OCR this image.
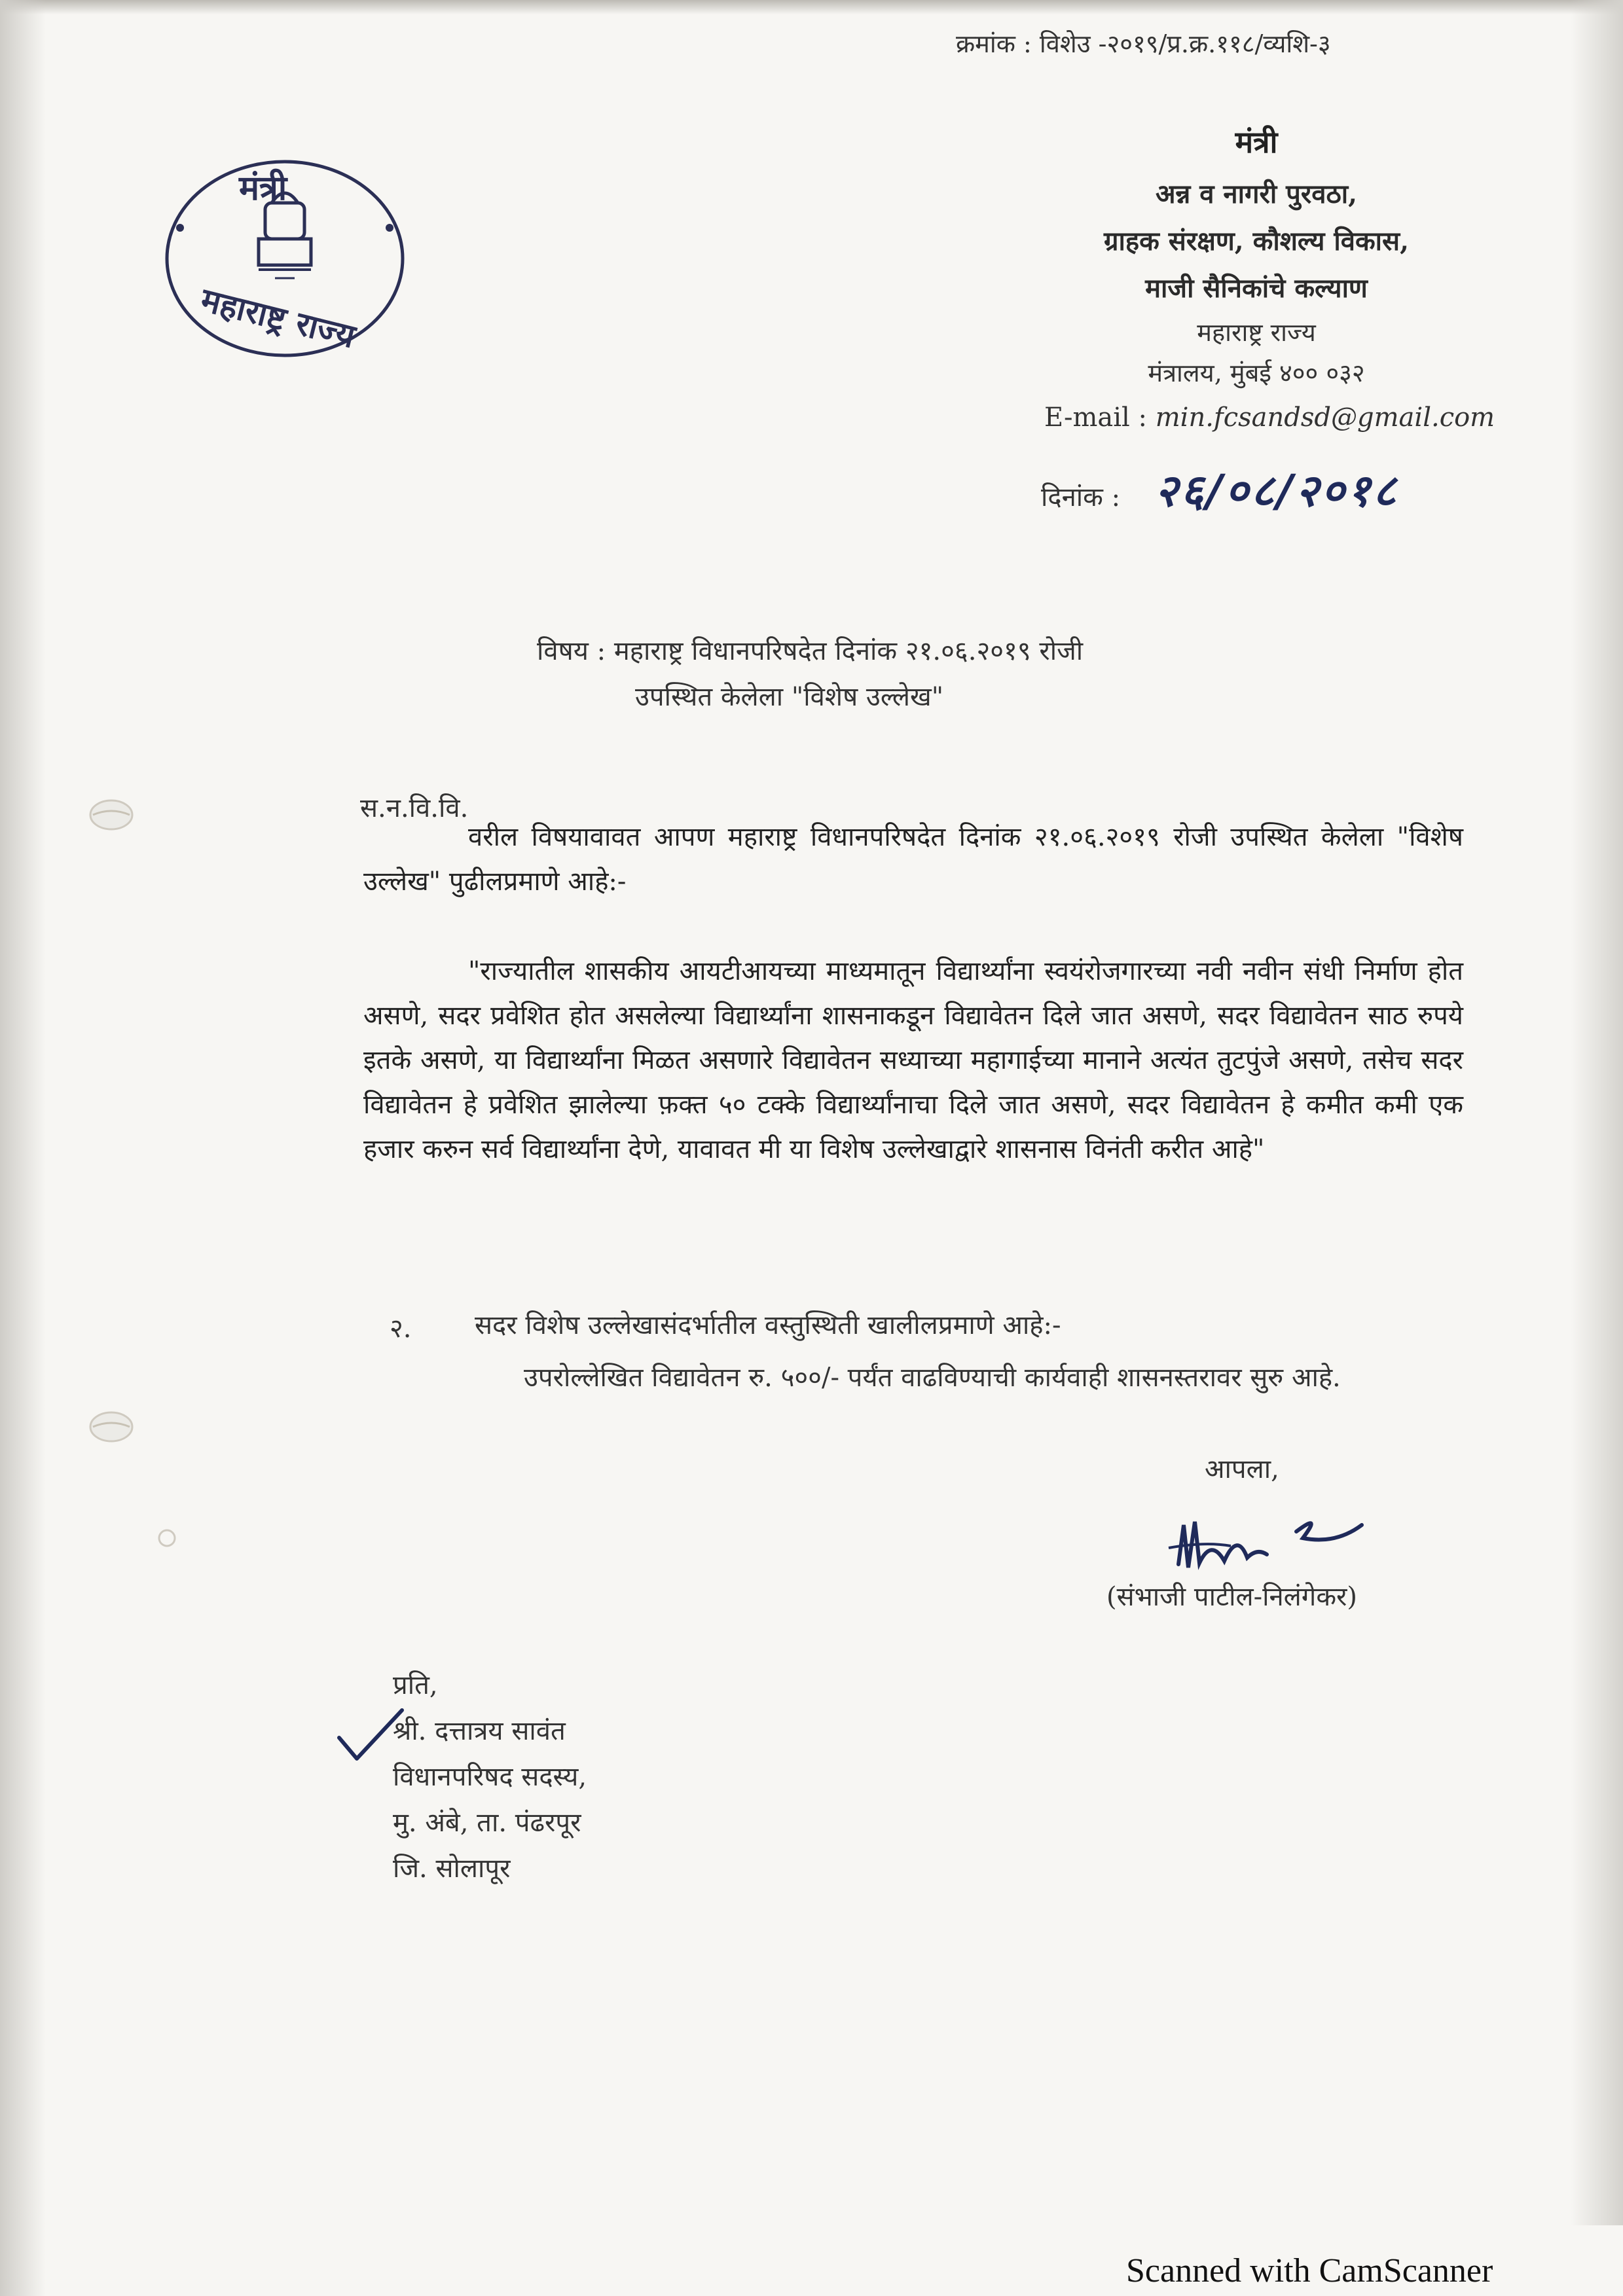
क्रमांक : विशेउ -२०१९/प्र.क्र.११८/व्यशि-३
मंत्री
महाराष्ट्र राज्य
मंत्री
अन्न व नागरी पुरवठा,
ग्राहक संरक्षण, कौशल्य विकास,
माजी सैनिकांचे कल्याण
महाराष्ट्र राज्य
मंत्रालय, मुंबई ४०० ०३२
E-mail : min.fcsandsd@gmail.com
दिनांक : २६/०८/२०१८
विषय : महाराष्ट्र विधानपरिषदेत दिनांक २१.०६.२०१९ रोजी
उपस्थित केलेला "विशेष उल्लेख"
स.न.वि.वि.
वरील विषयावावत आपण महाराष्ट्र विधानपरिषदेत दिनांक २१.०६.२०१९ रोजी उपस्थित केलेला "विशेष उल्लेख" पुढीलप्रमाणे आहे:-
"राज्यातील शासकीय आयटीआयच्या माध्यमातून विद्यार्थ्यांना स्वयंरोजगारच्या नवी नवीन संधी निर्माण होत असणे, सदर प्रवेशित होत असलेल्या विद्यार्थ्यांना शासनाकडून विद्यावेतन दिले जात असणे, सदर विद्यावेतन साठ रुपये इतके असणे, या विद्यार्थ्यांना मिळत असणारे विद्यावेतन सध्याच्या महागाईच्या मानाने अत्यंत तुटपुंजे असणे, तसेच सदर विद्यावेतन हे प्रवेशित झालेल्या फ़क्त ५० टक्के विद्यार्थ्यांनाचा दिले जात असणे, सदर विद्यावेतन हे कमीत कमी एक हजार करुन सर्व विद्यार्थ्यांना देणे, यावावत मी या विशेष उल्लेखाद्वारे शासनास विनंती करीत आहे"
२. सदर विशेष उल्लेखासंदर्भातील वस्तुस्थिती खालीलप्रमाणे आहे:-
उपरोल्लेखित विद्यावेतन रु. ५००/- पर्यंत वाढविण्याची कार्यवाही शासनस्तरावर सुरु आहे.
आपला,
(संभाजी पाटील-निलंगेकर)
प्रति,
श्री. दत्तात्रय सावंत
विधानपरिषद सदस्य,
मु. अंबे, ता. पंढरपूर
जि. सोलापूर
Scanned with CamScanner
